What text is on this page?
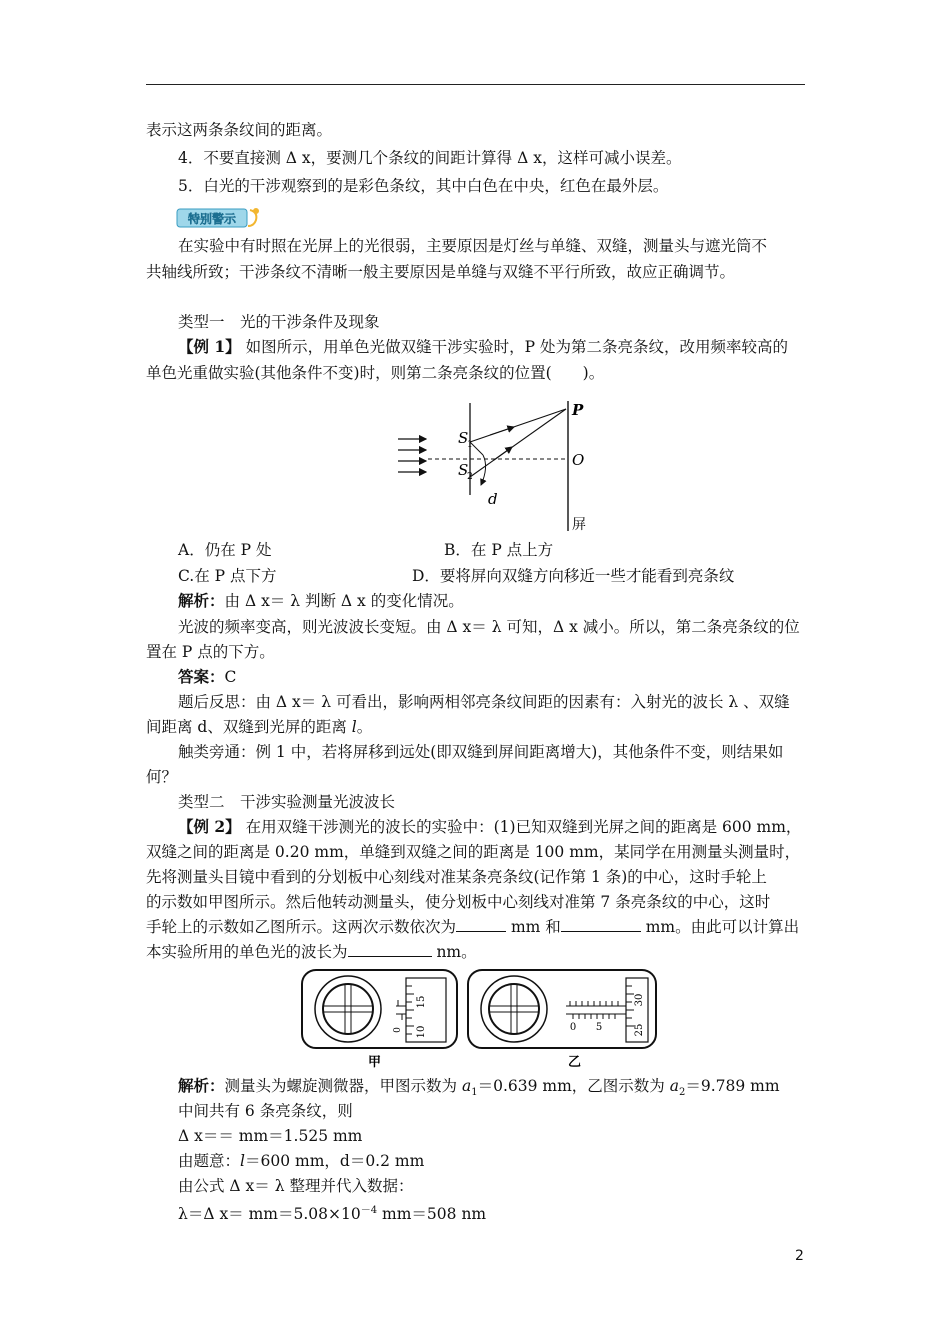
表示这两条条纹间的距离。
4．不要直接测 Δ x，要测几个条纹的间距计算得 Δ x，这样可减小误差。
5．白光的干涉观察到的是彩色条纹，其中白色在中央，红色在最外层。
特别警示
在实验中有时照在光屏上的光很弱，主要原因是灯丝与单缝、双缝，测量头与遮光筒不
共轴线所致；干涉条纹不清晰一般主要原因是单缝与双缝不平行所致，故应正确调节。
类型一　光的干涉条件及现象
【例 1】 如图所示，用单色光做双缝干涉实验时，P 处为第二条亮条纹，改用频率较高的
单色光重做实验(其他条件不变)时，则第二条亮条纹的位置(　　)。
S
1
S
2
P
O
d
屏
A．仍在 P 处	B．在 P 点上方
C.在 P 点下方	D．要将屏向双缝方向移近一些才能看到亮条纹
解析：由 Δ x＝ λ 判断 Δ x 的变化情况。
光波的频率变高，则光波波长变短。由 Δ x＝ λ 可知，Δ x 减小。所以，第二条亮条纹的位
置在 P 点的下方。
答案：C
题后反思：由 Δ x＝ λ 可看出，影响两相邻亮条纹间距的因素有：入射光的波长 λ 、双缝
间距离 d、双缝到光屏的距离 l。
触类旁通：例 1 中，若将屏移到远处(即双缝到屏间距离增大)，其他条件不变，则结果如
何？
类型二　干涉实验测量光波波长
【例 2】 在用双缝干涉测光的波长的实验中：(1)已知双缝到光屏之间的距离是 600 mm，
双缝之间的距离是 0.20 mm，单缝到双缝之间的距离是 100 mm，某同学在用测量头测量时，
先将测量头目镜中看到的分划板中心刻线对准某条亮条纹(记作第 1 条)的中心，这时手轮上
的示数如甲图所示。然后他转动测量头，使分划板中心刻线对准第 7 条亮条纹的中心，这时
手轮上的示数如乙图所示。这两次示数依次为	mm 和	mm。由此可以计算出
本实验所用的单色光的波长为	nm。
15
10
0
甲
0 5
30
25
乙
解析：测量头为螺旋测微器，甲图示数为 $a_1=0.639$ mm，乙图示数为 $a_2=9.789$ mm
中间共有 6 条亮条纹，则
Δ x＝＝ mm＝1.525 mm
由题意：l＝600 mm，d＝0.2 mm
由公式 Δ x＝ λ 整理并代入数据：
λ＝Δ $x= mm=5.08\times 10^{-4}$ mm＝508 nm
2
